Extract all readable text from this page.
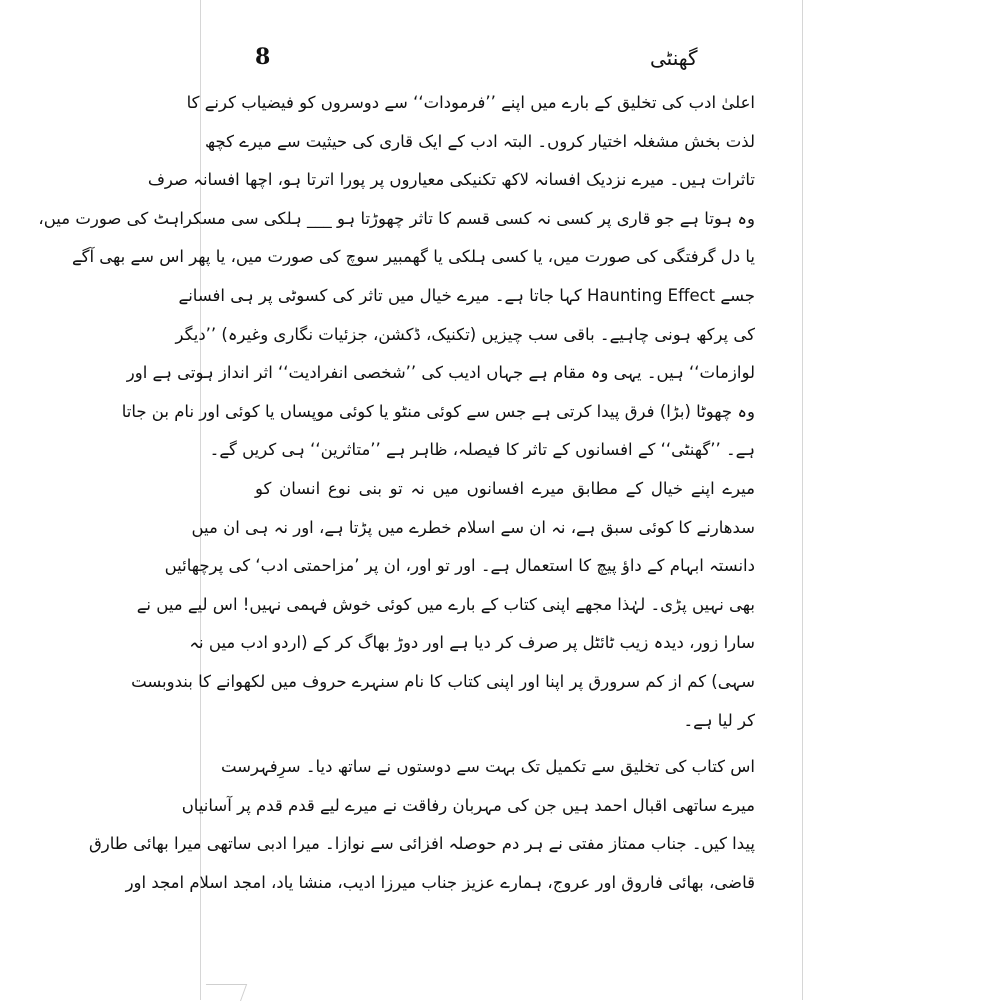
8	گھنٹی
اعلیٰ ادب کی تخلیق کے بارے میں اپنے ’’فرمودات‘‘ سے دوسروں کو فیضیاب کرنے کا
لذت بخش مشغلہ اختیار کروں۔ البتہ ادب کے ایک قاری کی حیثیت سے میرے کچھ
تاثرات ہیں۔ میرے نزدیک افسانہ لاکھ تکنیکی معیاروں پر پورا اترتا ہو، اچھا افسانہ صرف
وہ ہوتا ہے جو قاری پر کسی نہ کسی قسم کا تاثر چھوڑتا ہو ___ ہلکی سی مسکراہٹ کی صورت میں،
یا دل گرفتگی کی صورت میں، یا کسی ہلکی یا گھمبیر سوچ کی صورت میں، یا پھر اس سے بھی آگے
جسے Haunting Effect کہا جاتا ہے۔ میرے خیال میں تاثر کی کسوٹی پر ہی افسانے
کی پرکھ ہونی چاہیے۔ باقی سب چیزیں (تکنیک، ڈکشن، جزئیات نگاری وغیرہ) ’’دیگر
لوازمات‘‘ ہیں۔ یہی وہ مقام ہے جہاں ادیب کی ’’شخصی انفرادیت‘‘ اثر انداز ہوتی ہے اور
وہ چھوٹا (بڑا) فرق پیدا کرتی ہے جس سے کوئی منٹو یا کوئی موپساں یا کوئی اور نام بن جاتا
ہے۔ ’’گھنٹی‘‘ کے افسانوں کے تاثر کا فیصلہ، ظاہر ہے ’’متاثرین‘‘ ہی کریں گے۔
میرے اپنے خیال کے مطابق میرے افسانوں میں نہ تو بنی نوع انسان کو
سدھارنے کا کوئی سبق ہے، نہ ان سے اسلام خطرے میں پڑتا ہے، اور نہ ہی ان میں
دانستہ ابہام کے داؤ پیچ کا استعمال ہے۔ اور تو اور، ان پر ’مزاحمتی ادب‘ کی پرچھائیں
بھی نہیں پڑی۔ لہٰذا مجھے اپنی کتاب کے بارے میں کوئی خوش فہمی نہیں! اس لیے میں نے
سارا زور، دیدہ زیب ٹائٹل پر صرف کر دیا ہے اور دوڑ بھاگ کر کے (اردو ادب میں نہ
سہی) کم از کم سرورق پر اپنا اور اپنی کتاب کا نام سنہرے حروف میں لکھوانے کا بندوبست
کر لیا ہے۔
اس کتاب کی تخلیق سے تکمیل تک بہت سے دوستوں نے ساتھ دیا۔ سرِفہرست
میرے ساتھی اقبال احمد ہیں جن کی مہربان رفاقت نے میرے لیے قدم قدم پر آسانیاں
پیدا کیں۔ جناب ممتاز مفتی نے ہر دم حوصلہ افزائی سے نوازا۔ میرا ادبی ساتھی میرا بھائی طارق
قاضی، بھائی فاروق اور عروج، ہمارے عزیز جناب میرزا ادیب، منشا یاد، امجد اسلام امجد اور
